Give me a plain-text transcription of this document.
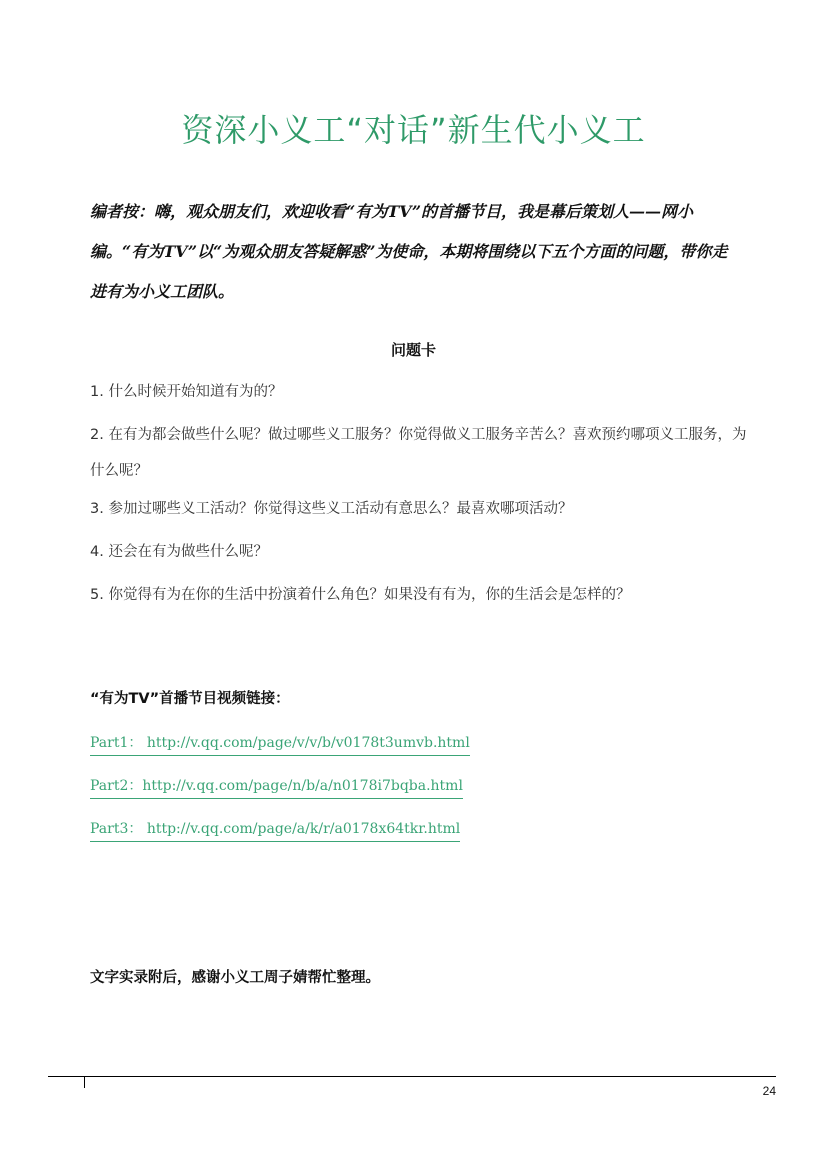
资深小义工“对话”新生代小义工
编者按：嗨，观众朋友们，欢迎收看“有为TV”的首播节目，我是幕后策划人——网小编。“有为TV”以“为观众朋友答疑解惑”为使命，本期将围绕以下五个方面的问题，带你走进有为小义工团队。
问题卡
1. 什么时候开始知道有为的？
2. 在有为都会做些什么呢？做过哪些义工服务？你觉得做义工服务辛苦么？喜欢预约哪项义工服务，为什么呢？
3. 参加过哪些义工活动？你觉得这些义工活动有意思么？最喜欢哪项活动？
4. 还会在有为做些什么呢？
5. 你觉得有为在你的生活中扮演着什么角色？如果没有有为，你的生活会是怎样的？
“有为TV”首播节目视频链接：
Part1： http://v.qq.com/page/v/v/b/v0178t3umvb.html
Part2：http://v.qq.com/page/n/b/a/n0178i7bqba.html
Part3： http://v.qq.com/page/a/k/r/a0178x64tkr.html
文字实录附后，感谢小义工周子婧帮忙整理。
24
